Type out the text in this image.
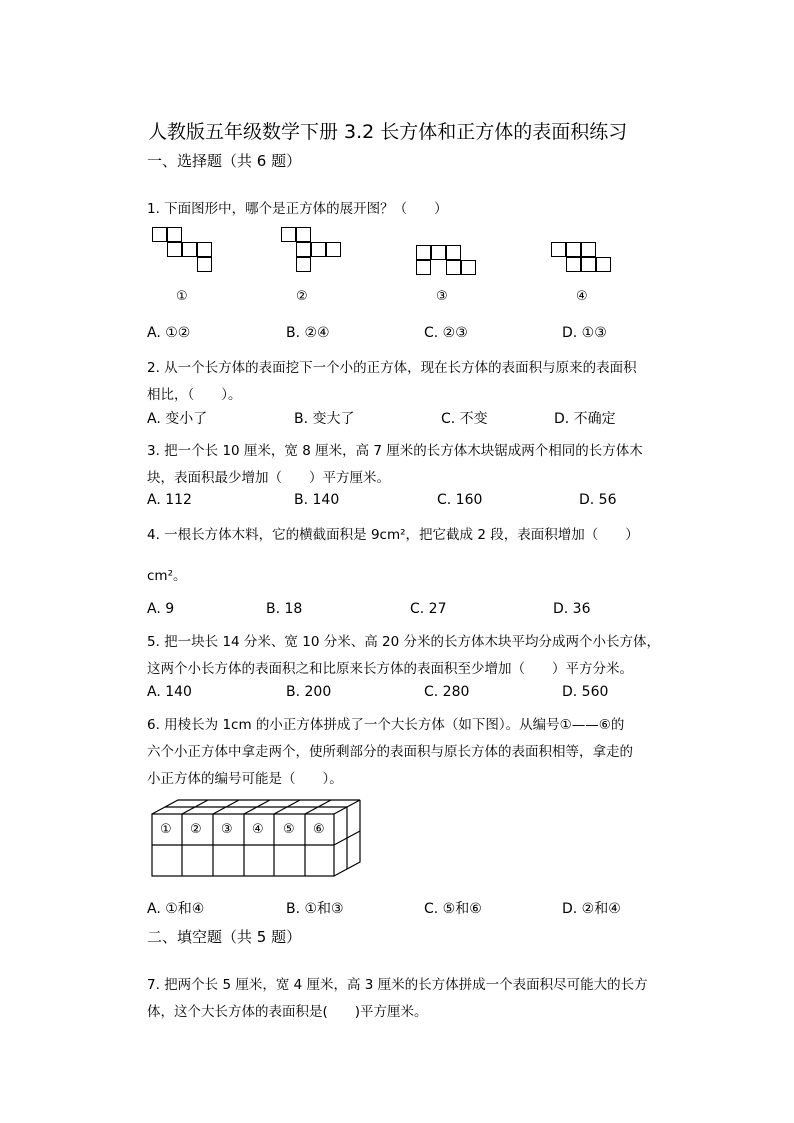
人教版五年级数学下册 3.2 长方体和正方体的表面积练习
一、选择题（共 6 题）
1. 下面图形中，哪个是正方体的展开图？（　　）
①	②	③	④
A. ①②	B. ②④	C. ②③	D. ①③
2. 从一个长方体的表面挖下一个小的正方体，现在长方体的表面积与原来的表面积
相比，（　　）。
A. 变小了	B. 变大了	C. 不变	D. 不确定
3. 把一个长 10 厘米，宽 8 厘米，高 7 厘米的长方体木块锯成两个相同的长方体木
块，表面积最少增加（　　）平方厘米。
A. 112	B. 140	C. 160	D. 56
4. 一根长方体木料，它的横截面积是 9cm²，把它截成 2 段，表面积增加（　　）
cm²。
A. 9	B. 18	C. 27	D. 36
5. 把一块长 14 分米、宽 10 分米、高 20 分米的长方体木块平均分成两个小长方体，
这两个小长方体的表面积之和比原来长方体的表面积至少增加（　　）平方分米。
A. 140	B. 200	C. 280	D. 560
6. 用棱长为 1cm 的小正方体拼成了一个大长方体（如下图）。从编号①——⑥的
六个小正方体中拿走两个，使所剩部分的表面积与原长方体的表面积相等，拿走的
小正方体的编号可能是（　　）。
① ② ③ ④ ⑤ ⑥
A. ①和④	B. ①和③	C. ⑤和⑥	D. ②和④
二、填空题（共 5 题）
7. 把两个长 5 厘米，宽 4 厘米，高 3 厘米的长方体拼成一个表面积尽可能大的长方
体，这个大长方体的表面积是(　　)平方厘米。
